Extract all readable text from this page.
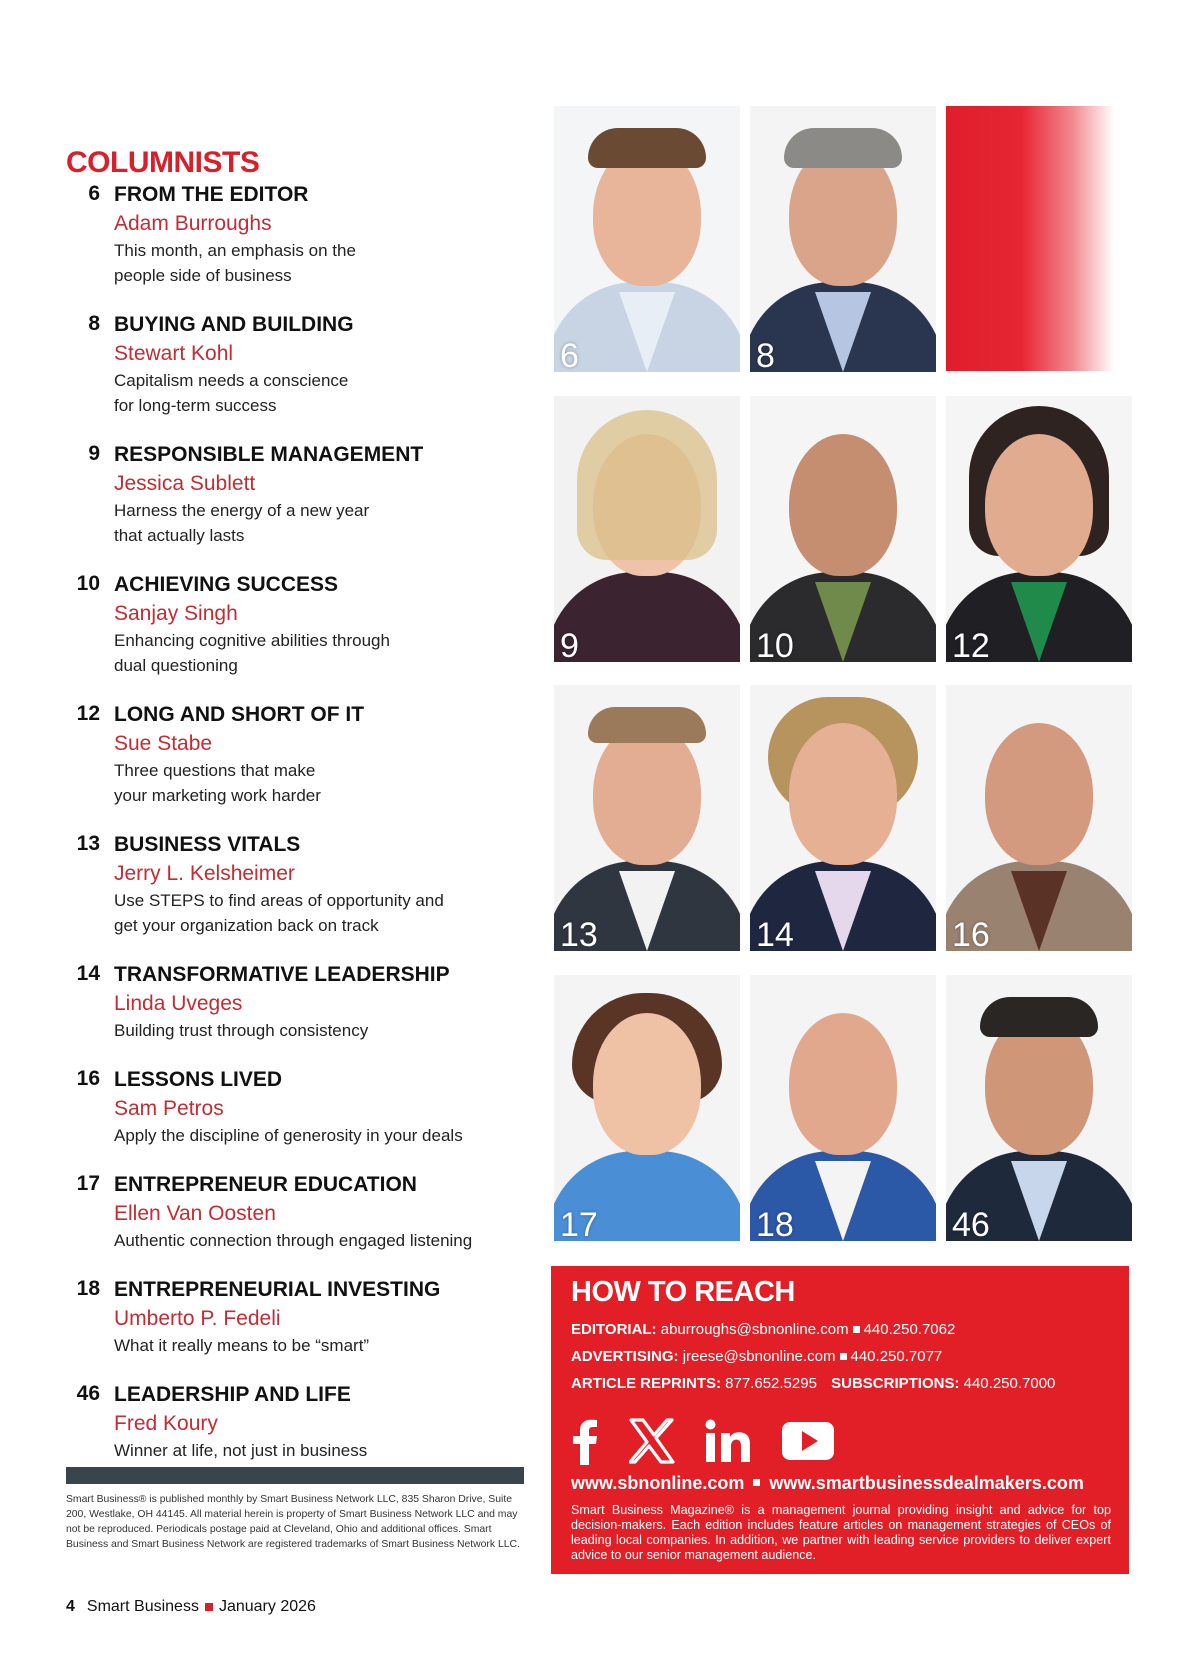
COLUMNISTS
6 FROM THE EDITOR
Adam Burroughs
This month, an emphasis on the
people side of business
8 BUYING AND BUILDING
Stewart Kohl
Capitalism needs a conscience
for long-term success
9 RESPONSIBLE MANAGEMENT
Jessica Sublett
Harness the energy of a new year
that actually lasts
10 ACHIEVING SUCCESS
Sanjay Singh
Enhancing cognitive abilities through
dual questioning
12 LONG AND SHORT OF IT
Sue Stabe
Three questions that make
your marketing work harder
13 BUSINESS VITALS
Jerry L. Kelsheimer
Use STEPS to find areas of opportunity and
get your organization back on track
14 TRANSFORMATIVE LEADERSHIP
Linda Uveges
Building trust through consistency
16 LESSONS LIVED
Sam Petros
Apply the discipline of generosity in your deals
17 ENTREPRENEUR EDUCATION
Ellen Van Oosten
Authentic connection through engaged listening
18 ENTREPRENEURIAL INVESTING
Umberto P. Fedeli
What it really means to be “smart”
46 LEADERSHIP AND LIFE
Fred Koury
Winner at life, not just in business
Smart Business® is published monthly by Smart Business Network LLC, 835 Sharon Drive, Suite 200, Westlake, OH 44145. All material herein is property of Smart Business Network LLC and may not be reproduced. Periodicals postage paid at Cleveland, Ohio and additional offices. Smart Business and Smart Business Network are registered trademarks of Smart Business Network LLC.
4 Smart Business January 2026
6	8
9	10	12
13	14	16
17	18	46
HOW TO REACH
EDITORIAL: aburroughs@sbnonline.com 440.250.7062
ADVERTISING: jreese@sbnonline.com 440.250.7077
ARTICLE REPRINTS: 877.652.5295 SUBSCRIPTIONS: 440.250.7000
www.sbnonline.com www.smartbusinessdealmakers.com
Smart Business Magazine® is a management journal providing insight and advice for top decision-makers. Each edition includes feature articles on management strategies of CEOs of leading local companies. In addition, we partner with leading service providers to deliver expert advice to our senior management audience.
